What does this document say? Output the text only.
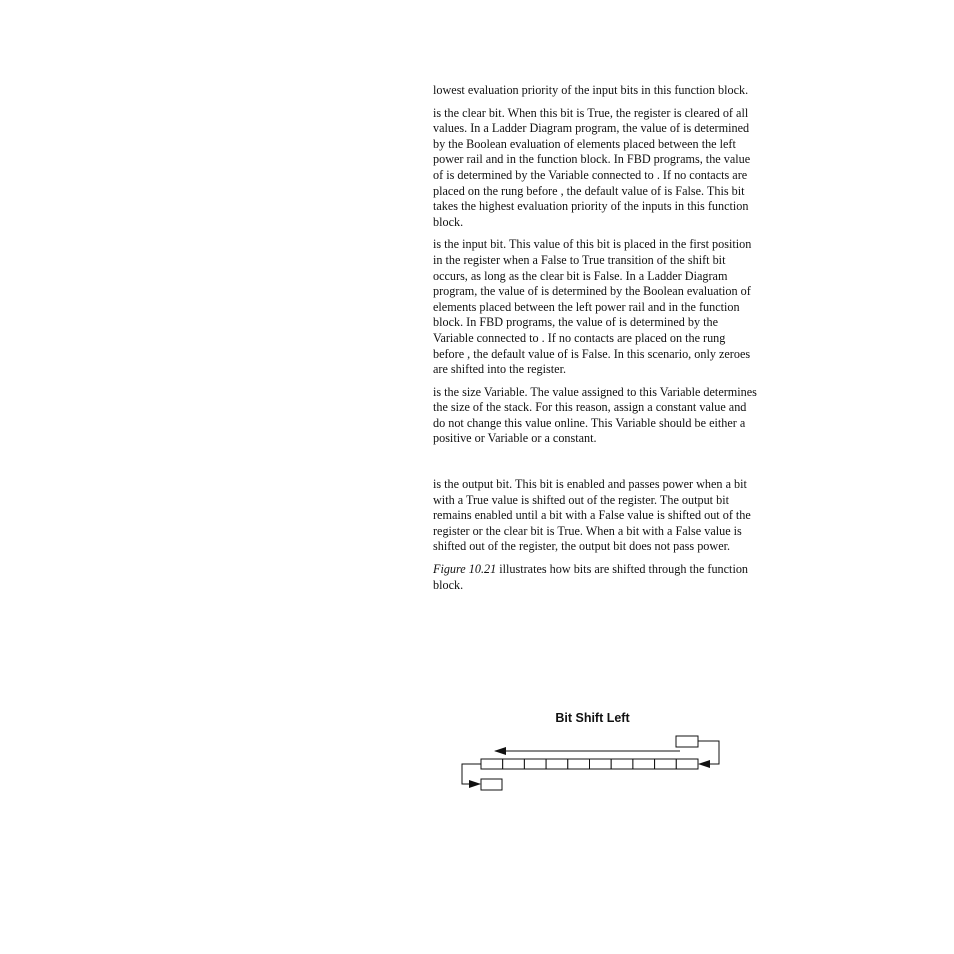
lowest evaluation priority of the input bits in this function block.

is the clear bit. When this bit is True, the register is cleared of all values. In a Ladder Diagram program, the value of is determined by the Boolean evaluation of elements placed between the left power rail and in the function block. In FBD programs, the value of is determined by the Variable connected to . If no contacts are placed on the rung before , the default value of is False. This bit takes the highest evaluation priority of the inputs in this function block.

is the input bit. This value of this bit is placed in the first position in the register when a False to True transition of the shift bit occurs, as long as the clear bit is False. In a Ladder Diagram program, the value of is determined by the Boolean evaluation of elements placed between the left power rail and in the function block. In FBD programs, the value of is determined by the Variable connected to . If no contacts are placed on the rung before , the default value of is False. In this scenario, only zeroes are shifted into the register.

is the size Variable. The value assigned to this Variable determines the size of the stack. For this reason, assign a constant value and do not change this value online. This Variable should be either a positive or Variable or a constant.

is the output bit. This bit is enabled and passes power when a bit with a True value is shifted out of the register. The output bit remains enabled until a bit with a False value is shifted out of the register or the clear bit is True. When a bit with a False value is shifted out of the register, the output bit does not pass power.

Figure 10.21 illustrates how bits are shifted through the function block.

Bit Shift Left
